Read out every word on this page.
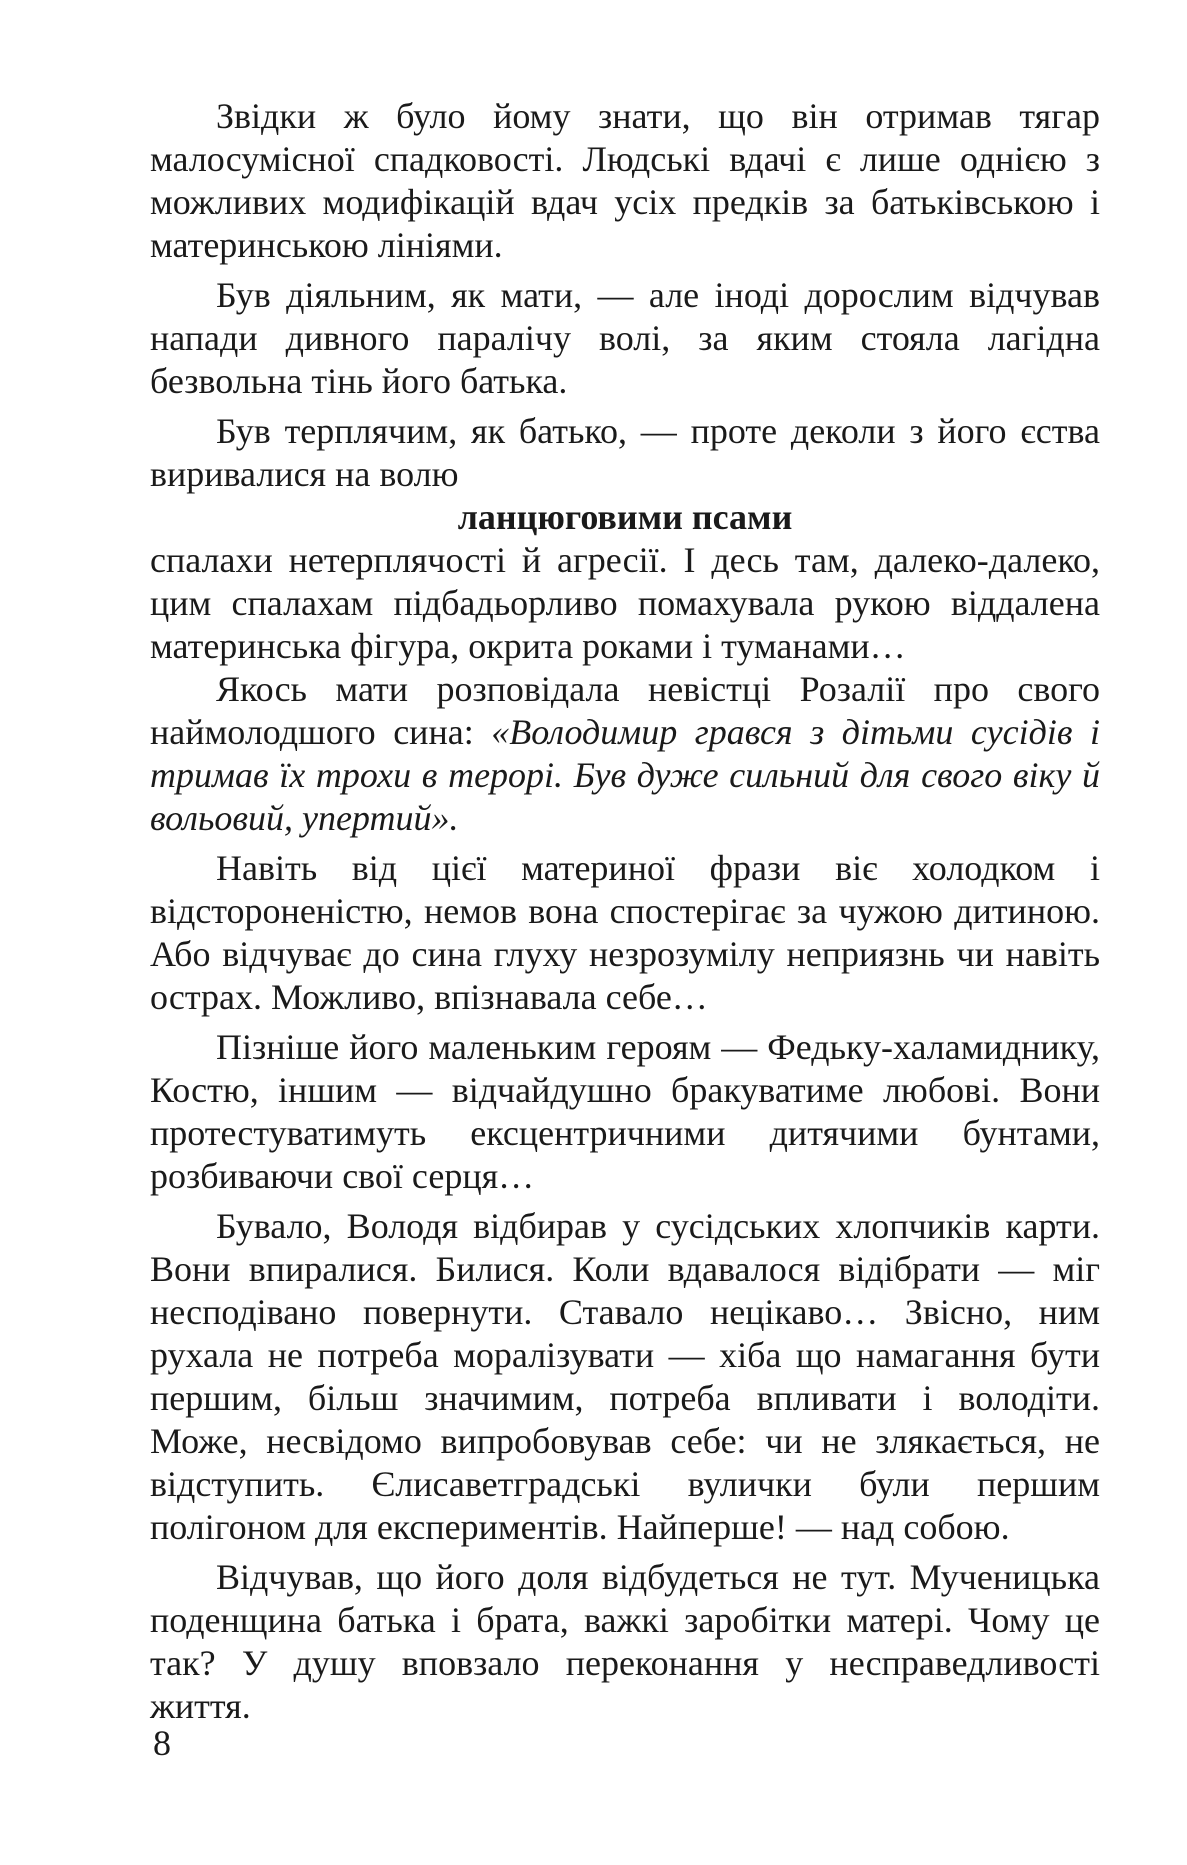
Звідки ж було йому знати, що він отримав тягар малосумісної спадковості. Людські вдачі є лише однією з можливих модифікацій вдач усіх предків за батьківською і материнською лініями.

Був діяльним, як мати, — але іноді дорослим відчував напади дивного паралічу волі, за яким стояла лагідна безвольна тінь його батька.

Був терплячим, як батько, — проте деколи з його єства виривалися на волю

ланцюговими псами

спалахи нетерплячості й агресії. І десь там, далеко-далеко, цим спалахам підбадьорливо помахувала рукою віддалена материнська фігура, окрита роками і туманами…

Якось мати розповідала невістці Розалії про свого наймолодшого сина: «Володимир грався з дітьми сусідів і тримав їх трохи в терорі. Був дуже сильний для свого віку й вольовий, упертий».

Навіть від цієї материної фрази віє холодком і відстороненістю, немов вона спостерігає за чужою дитиною. Або відчуває до сина глуху незрозумілу неприязнь чи навіть острах. Можливо, впізнавала себе…

Пізніше його маленьким героям — Федьку-халамиднику, Костю, іншим — відчайдушно бракуватиме любові. Вони протестуватимуть ексцентричними дитячими бунтами, розбиваючи свої серця…

Бувало, Володя відбирав у сусідських хлопчиків карти. Вони впиралися. Билися. Коли вдавалося відібрати — міг несподівано повернути. Ставало нецікаво… Звісно, ним рухала не потреба моралізувати — хіба що намагання бути першим, більш значимим, потреба впливати і володіти. Може, несвідомо випробовував себе: чи не злякається, не відступить. Єлисаветградські вулички були першим полігоном для експериментів. Найперше! — над собою.

Відчував, що його доля відбудеться не тут. Мученицька поденщина батька і брата, важкі заробітки матері. Чому це так? У душу вповзало переконання у несправедливості життя.

8
